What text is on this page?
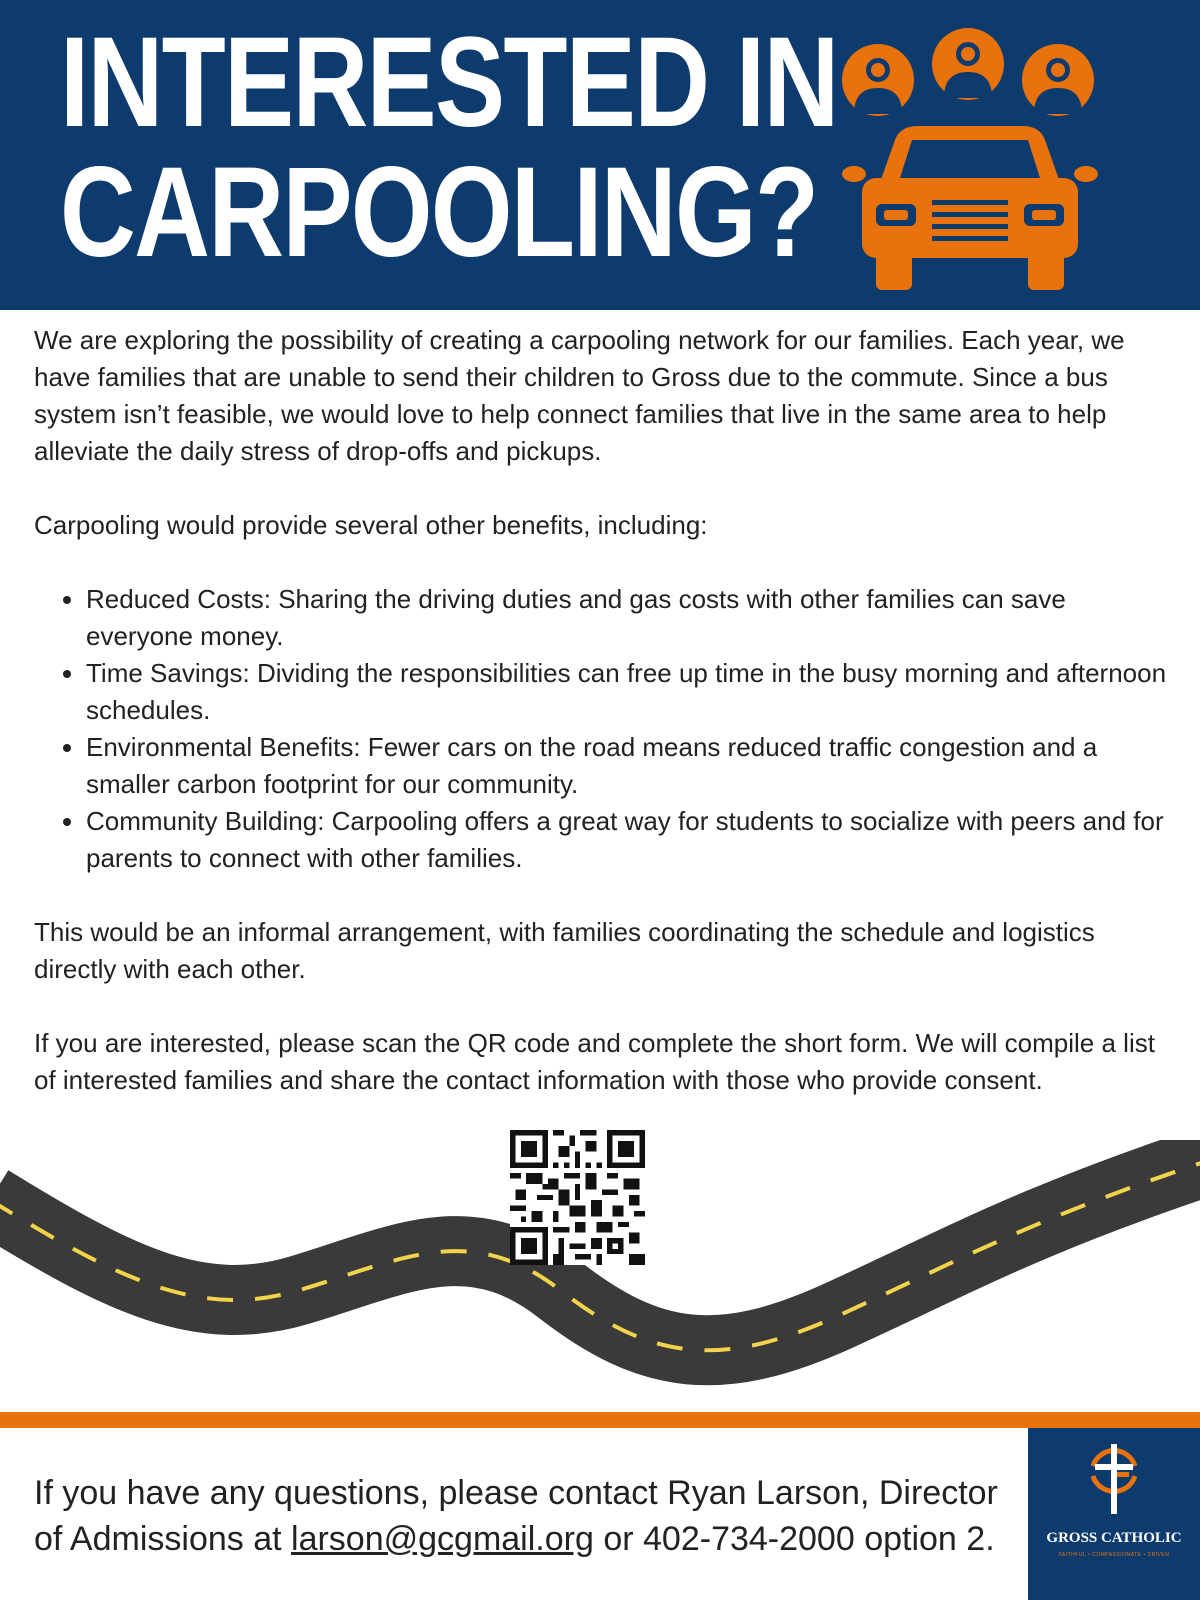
INTERESTED IN
CARPOOLING?

We are exploring the possibility of creating a carpooling network for our families. Each year, we have families that are unable to send their children to Gross due to the commute. Since a bus system isn’t feasible, we would love to help connect families that live in the same area to help alleviate the daily stress of drop-offs and pickups.

Carpooling would provide several other benefits, including:

• Reduced Costs: Sharing the driving duties and gas costs with other families can save everyone money.
• Time Savings: Dividing the responsibilities can free up time in the busy morning and afternoon schedules.
• Environmental Benefits: Fewer cars on the road means reduced traffic congestion and a smaller carbon footprint for our community.
• Community Building: Carpooling offers a great way for students to socialize with peers and for parents to connect with other families.

This would be an informal arrangement, with families coordinating the schedule and logistics directly with each other.

If you are interested, please scan the QR code and complete the short form. We will compile a list of interested families and share the contact information with those who provide consent.

If you have any questions, please contact Ryan Larson, Director of Admissions at larson@gcgmail.org or 402-734-2000 option 2.	GROSS CATHOLIC
FAITHFUL • COMPASSIONATE • DRIVEN
